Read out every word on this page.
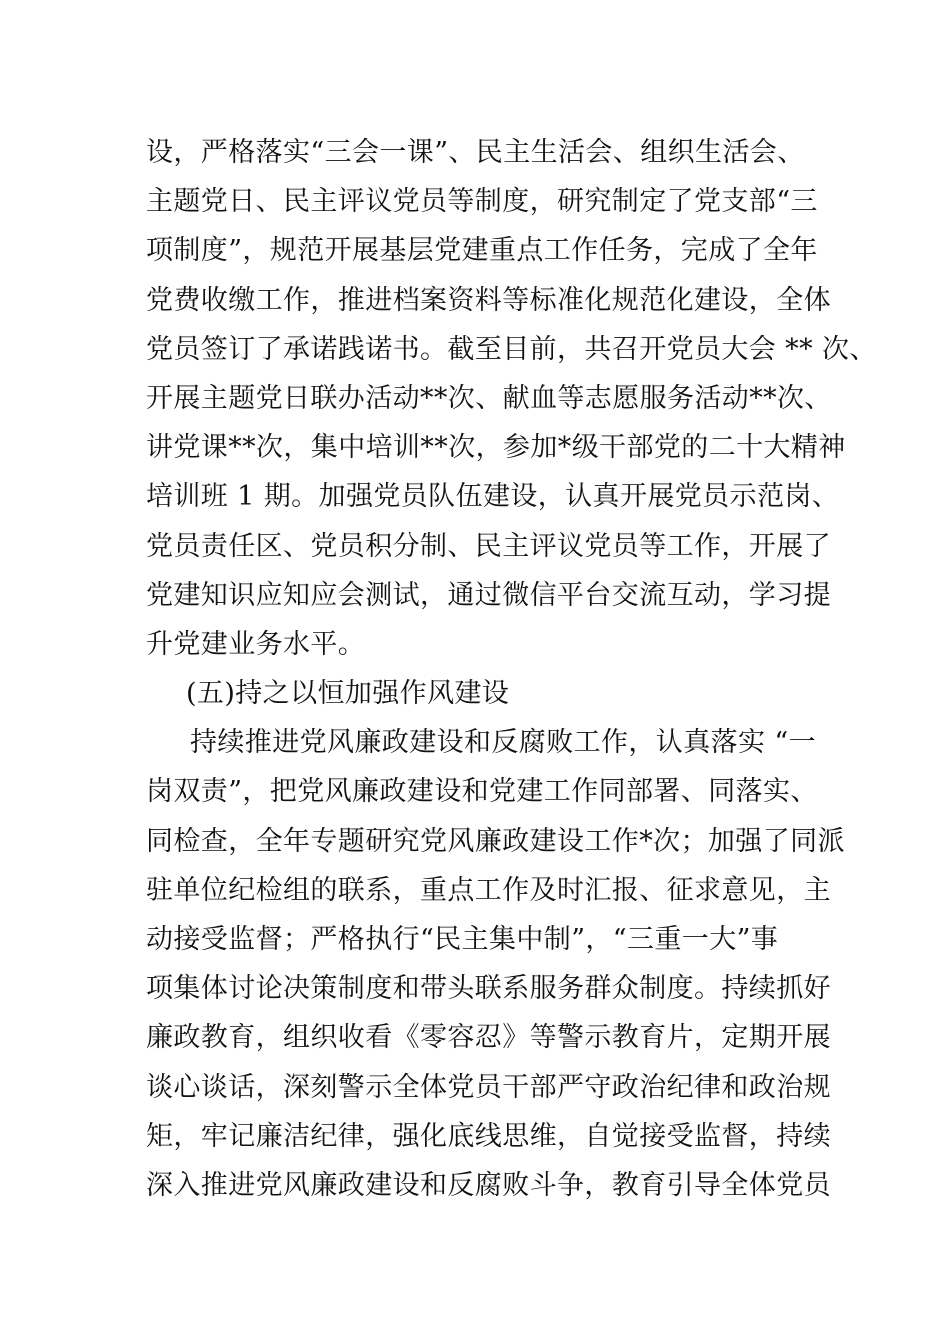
设，严格落实“三会一课”、民主生活会、组织生活会、
主题党日、民主评议党员等制度，研究制定了党支部“三
项制度”，规范开展基层党建重点工作任务，完成了全年
党费收缴工作，推进档案资料等标准化规范化建设，全体
党员签订了承诺践诺书。截至目前，共召开党员大会 ** 次、
开展主题党日联办活动**次、献血等志愿服务活动**次、
讲党课**次，集中培训**次，参加*级干部党的二十大精神
培训班 1 期。加强党员队伍建设，认真开展党员示范岗、
党员责任区、党员积分制、民主评议党员等工作，开展了
党建知识应知应会测试，通过微信平台交流互动，学习提
升党建业务水平。
(五)持之以恒加强作风建设
持续推进党风廉政建设和反腐败工作，认真落实 “一
岗双责”，把党风廉政建设和党建工作同部署、同落实、
同检查，全年专题研究党风廉政建设工作*次；加强了同派
驻单位纪检组的联系，重点工作及时汇报、征求意见，主
动接受监督；严格执行“民主集中制”，“三重一大”事
项集体讨论决策制度和带头联系服务群众制度。持续抓好
廉政教育，组织收看《零容忍》等警示教育片，定期开展
谈心谈话，深刻警示全体党员干部严守政治纪律和政治规
矩，牢记廉洁纪律，强化底线思维，自觉接受监督，持续
深入推进党风廉政建设和反腐败斗争，教育引导全体党员
